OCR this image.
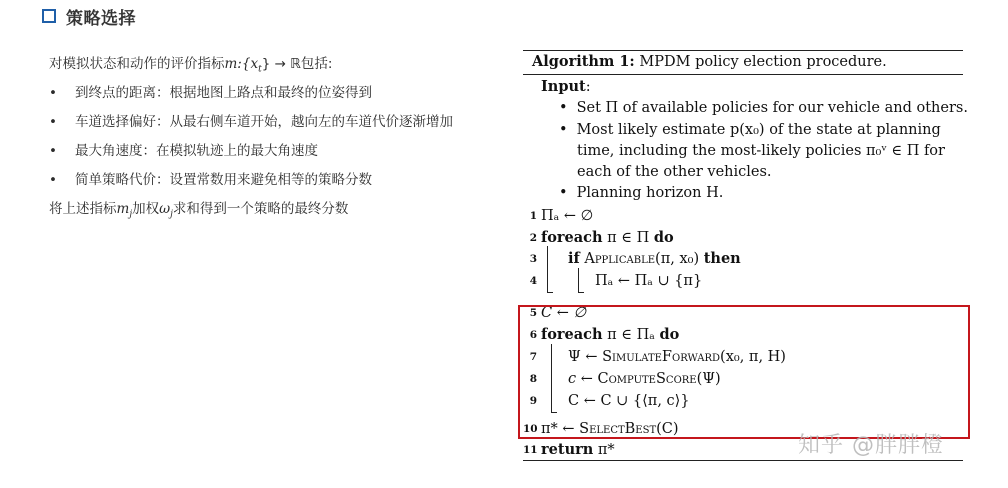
策略选择
对模拟状态和动作的评价指标$m:\{x_t\}$ → ℝ包括:
• 到终点的距离：根据地图上路点和最终的位姿得到
• 车道选择偏好：从最右侧车道开始，越向左的车道代价逐渐增加
• 最大角速度：在模拟轨迹上的最大角速度
• 简单策略代价：设置常数用来避免相等的策略分数
将上述指标$m_j$加权$\omega_j$求和得到一个策略的最终分数
Algorithm 1: MPDM policy election procedure.
Input:
• Set Π of available policies for our vehicle and others.
• Most likely estimate p(x₀) of the state at planning
time, including the most-likely policies π₀ᵛ ∈ Π for
each of the other vehicles.
• Planning horizon H.
1 Πₐ ← ∅
2 foreach π ∈ Π do
3 if Applicable(π, x₀) then
4	Πₐ ← Πₐ ∪ {π}
5 C ← ∅
6 foreach π ∈ Πₐ do
7 Ψ ← SimulateForward(x₀, π, H)
8 c ← ComputeScore(Ψ)
9 C ← C ∪ {⟨π, c⟩}
10 π* ← SelectBest(C)
11 return π*	知乎 @胖胖橙
